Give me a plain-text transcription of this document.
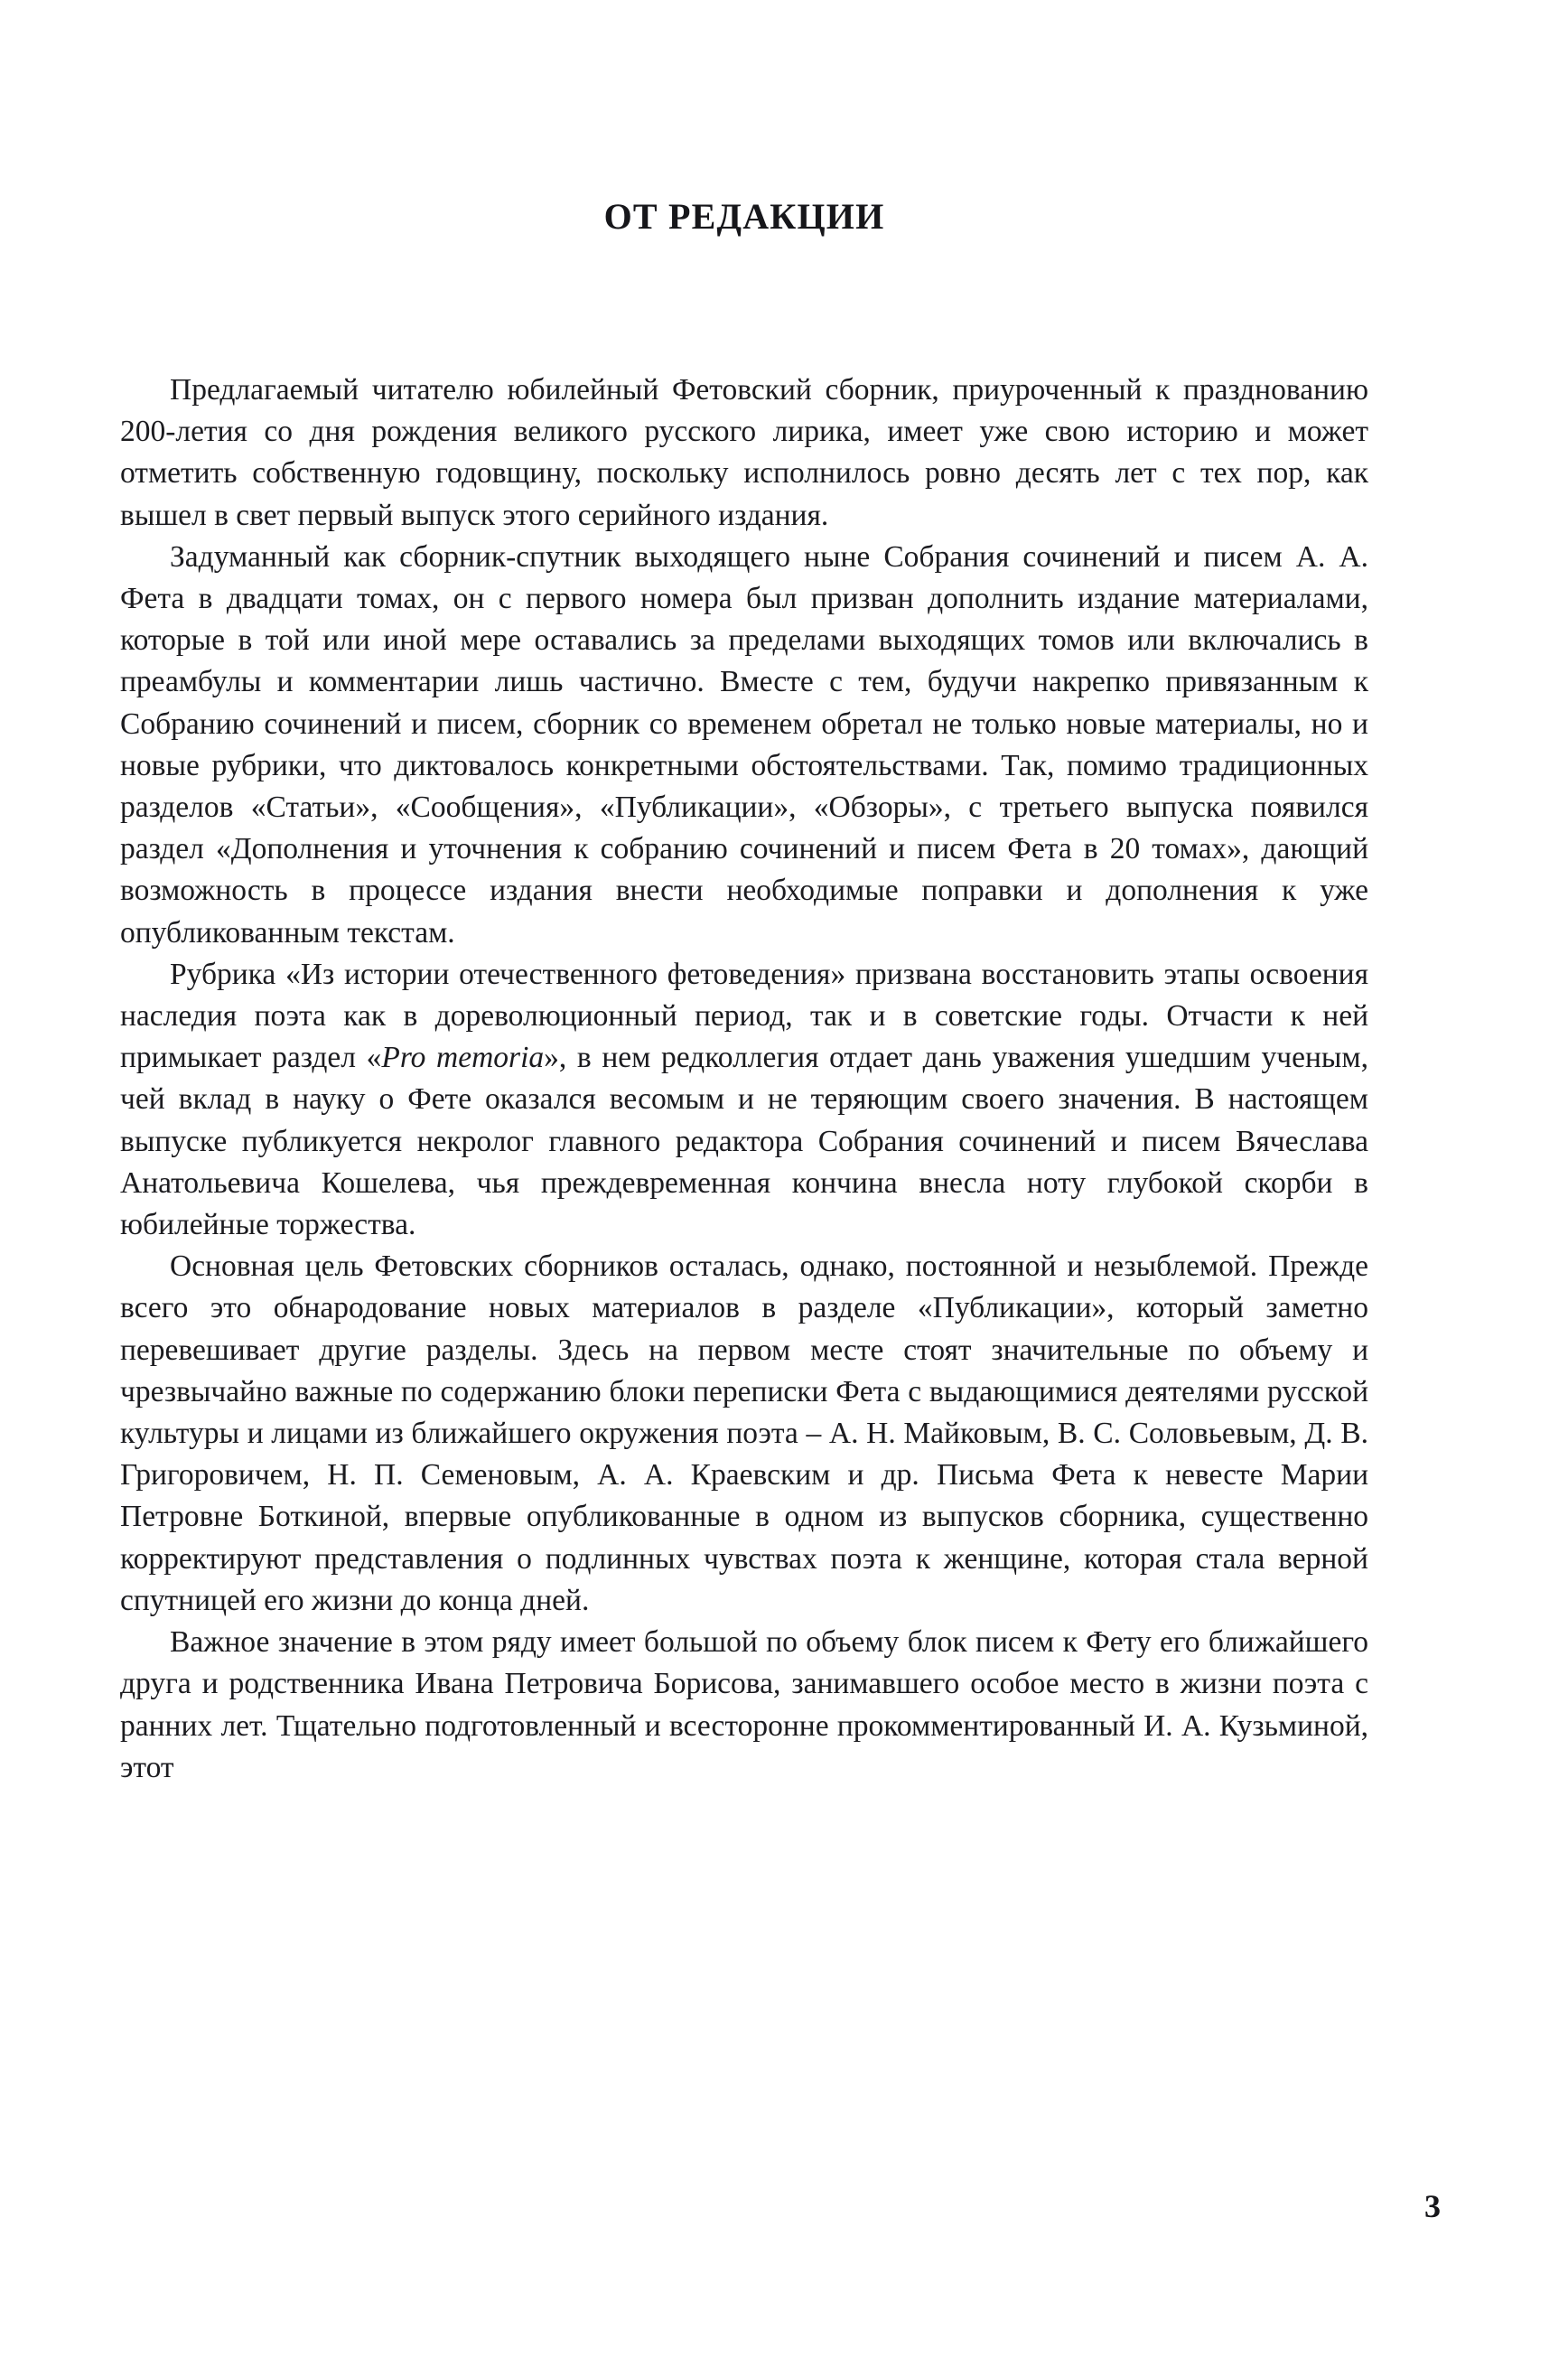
ОТ РЕДАКЦИИ

Предлагаемый читателю юбилейный Фетовский сборник, приуроченный к празднованию 200-летия со дня рождения великого русского лирика, имеет уже свою историю и может отметить собственную годовщину, поскольку исполнилось ровно десять лет с тех пор, как вышел в свет первый выпуск этого серийного издания.

Задуманный как сборник-спутник выходящего ныне Собрания сочинений и писем А. А. Фета в двадцати томах, он с первого номера был призван дополнить издание материалами, которые в той или иной мере оставались за пределами выходящих томов или включались в преамбулы и комментарии лишь частично. Вместе с тем, будучи накрепко привязанным к Собранию сочинений и писем, сборник со временем обретал не только новые материалы, но и новые рубрики, что диктовалось конкретными обстоятельствами. Так, помимо традиционных разделов «Статьи», «Сообщения», «Публикации», «Обзоры», с третьего выпуска появился раздел «Дополнения и уточнения к собранию сочинений и писем Фета в 20 томах», дающий возможность в процессе издания внести необходимые поправки и дополнения к уже опубликованным текстам.

Рубрика «Из истории отечественного фетоведения» призвана восстановить этапы освоения наследия поэта как в дореволюционный период, так и в советские годы. Отчасти к ней примыкает раздел «Pro memoria», в нем редколлегия отдает дань уважения ушедшим ученым, чей вклад в науку о Фете оказался весомым и не теряющим своего значения. В настоящем выпуске публикуется некролог главного редактора Собрания сочинений и писем Вячеслава Анатольевича Кошелева, чья преждевременная кончина внесла ноту глубокой скорби в юбилейные торжества.

Основная цель Фетовских сборников осталась, однако, постоянной и незыблемой. Прежде всего это обнародование новых материалов в разделе «Публикации», который заметно перевешивает другие разделы. Здесь на первом месте стоят значительные по объему и чрезвычайно важные по содержанию блоки переписки Фета с выдающимися деятелями русской культуры и лицами из ближайшего окружения поэта – А. Н. Майковым, В. С. Соловьевым, Д. В. Григоровичем, Н. П. Семеновым, А. А. Краевским и др. Письма Фета к невесте Марии Петровне Боткиной, впервые опубликованные в одном из выпусков сборника, существенно корректируют представления о подлинных чувствах поэта к женщине, которая стала верной спутницей его жизни до конца дней.

Важное значение в этом ряду имеет большой по объему блок писем к Фету его ближайшего друга и родственника Ивана Петровича Борисова, занимавшего особое место в жизни поэта с ранних лет. Тщательно подготовленный и всесторонне прокомментированный И. А. Кузьминой, этот

3
